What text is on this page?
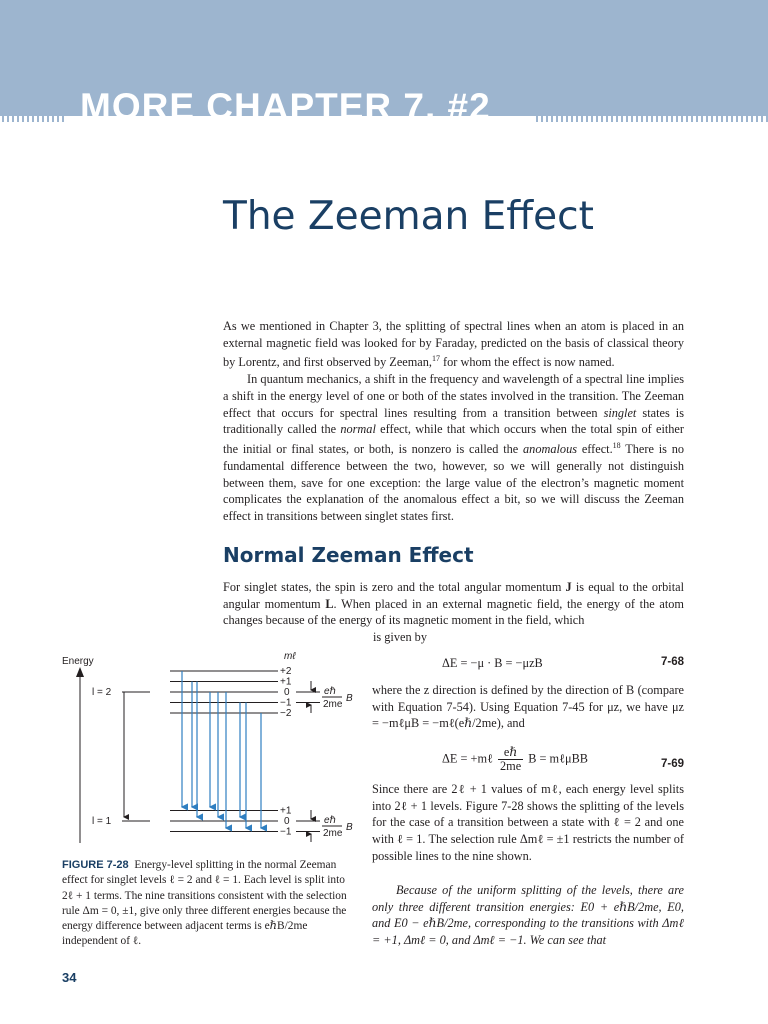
MORE CHAPTER 7. #2
The Zeeman Effect

As we mentioned in Chapter 3, the splitting of spectral lines when an atom is placed in an external magnetic field was looked for by Faraday, predicted on the basis of classical theory by Lorentz, and first observed by Zeeman,$^{17}$ for whom the effect is now named.

In quantum mechanics, a shift in the frequency and wavelength of a spectral line implies a shift in the energy level of one or both of the states involved in the transition. The Zeeman effect that occurs for spectral lines resulting from a transition between singlet states is traditionally called the normal effect, while that which occurs when the total spin of either the initial or final states, or both, is nonzero is called the anomalous effect.$^{18}$ There is no fundamental difference between the two, however, so we will generally not distinguish between them, save for one exception: the large value of the electron’s magnetic moment complicates the explanation of the anomalous effect a bit, so we will discuss the Zeeman effect in transitions between singlet states first.

Normal Zeeman Effect

For singlet states, the spin is zero and the total angular momentum J is equal to the orbital angular momentum L. When placed in an external magnetic field, the energy of the atom changes because of the energy of its magnetic moment in the field, which

is given by
Energy	mℓ
l = 2
+2
+1
0
−1
−2
eℏ
2me
B
l = 1
+1
0
−1
eℏ
2me
B
FIGURE 7-28 Energy-level splitting in the normal Zeeman effect for singlet levels ℓ = 2 and ℓ = 1. Each level is split into 2ℓ + 1 terms. The nine transitions consistent with the selection rule Δm = 0, ±1, give only three different energies because the energy difference between adjacent terms is eℏB/2me independent of ℓ.
ΔE = −μ · B = −μzB	7-68

where the z direction is defined by the direction of B (compare with Equation 7-54). Using Equation 7-45 for μz, we have μz = −mℓμB = −mℓ(eℏ/2me), and

ΔE = +mℓ $\frac{\text{eℏ}}{2me}$ B = mℓμBB	7-69

Since there are 2ℓ + 1 values of mℓ, each energy level splits into 2ℓ + 1 levels. Figure 7-28 shows the splitting of the levels for the case of a transition between a state with ℓ = 2 and one with ℓ = 1. The selection rule Δmℓ = ±1 restricts the number of possible lines to the nine shown.

Because of the uniform splitting of the levels, there are only three different transition energies: E0 + eℏB/2me, E0, and E0 − eℏB/2me, corresponding to the transitions with Δmℓ = +1, Δmℓ = 0, and Δmℓ = −1. We can see that

34
